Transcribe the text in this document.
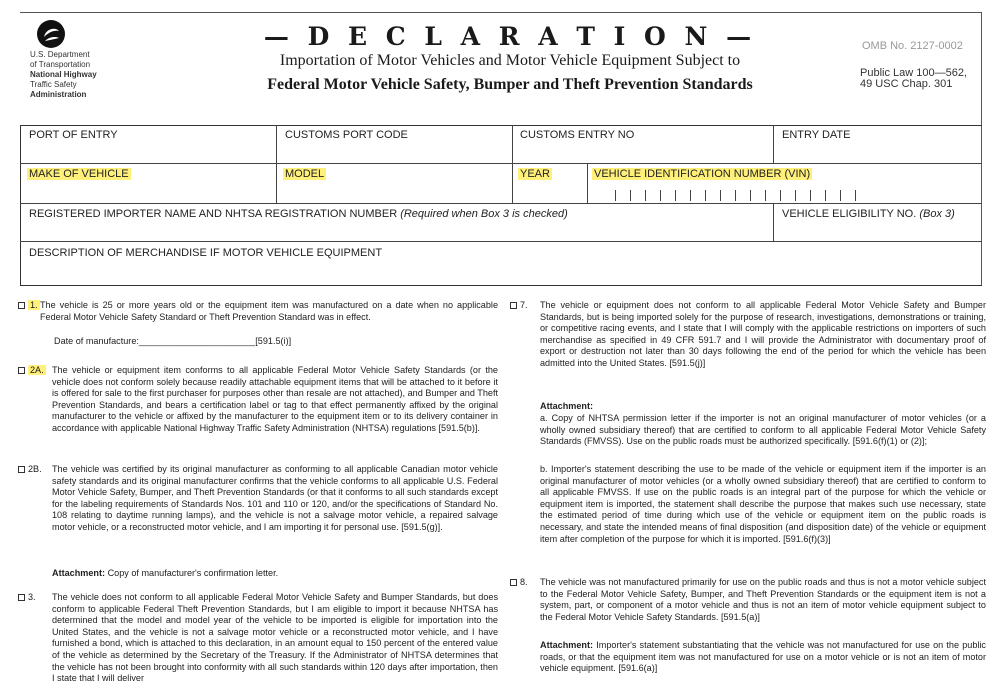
U.S. Department
of Transportation
National Highway
Traffic Safety
Administration
— D E C L A R A T I O N —
Importation of Motor Vehicles and Motor Vehicle Equipment Subject to
Federal Motor Vehicle Safety, Bumper and Theft Prevention Standards
OMB No. 2127-0002
Public Law 100—562,
49 USC Chap. 301
PORT OF ENTRY	CUSTOMS PORT CODE	CUSTOMS ENTRY NO	ENTRY DATE
MAKE OF VEHICLE	MODEL	YEAR	VEHICLE IDENTIFICATION NUMBER (VIN)
REGISTERED IMPORTER NAME AND NHTSA REGISTRATION NUMBER (Required when Box 3 is checked)	VEHICLE ELIGIBILITY NO. (Box 3)
DESCRIPTION OF MERCHANDISE IF MOTOR VEHICLE EQUIPMENT
1. The vehicle is 25 or more years old or the equipment item was manufactured on a date when no applicable Federal Motor Vehicle Safety Standard or Theft Prevention Standard was in effect.
Date of manufacture:_______________________[591.5(i)]
2A. The vehicle or equipment item conforms to all applicable Federal Motor Vehicle Safety Standards (or the vehicle does not conform solely because readily attachable equipment items that will be attached to it before it is offered for sale to the first purchaser for purposes other than resale are not attached), and Bumper and Theft Prevention Standards, and bears a certification label or tag to that effect permanently affixed by the original manufacturer to the vehicle or affixed by the manufacturer to the equipment item or to its delivery container in accordance with applicable National Highway Traffic Safety Administration (NHTSA) regulations [591.5(b)].
2B. The vehicle was certified by its original manufacturer as conforming to all applicable Canadian motor vehicle safety standards and its original manufacturer confirms that the vehicle conforms to all applicable U.S. Federal Motor Vehicle Safety, Bumper, and Theft Prevention Standards (or that it conforms to all such standards except for the labeling requirements of Standards Nos. 101 and 110 or 120, and/or the specifications of Standard No. 108 relating to daytime running lamps), and the vehicle is not a salvage motor vehicle, a repaired salvage motor vehicle, or a reconstructed motor vehicle, and I am importing it for personal use. [591.5(g)].
Attachment: Copy of manufacturer's confirmation letter.
3. The vehicle does not conform to all applicable Federal Motor Vehicle Safety and Bumper Standards, but does conform to applicable Federal Theft Prevention Standards, but I am eligible to import it because NHTSA has determined that the model and model year of the vehicle to be imported is eligible for importation into the United States, and the vehicle is not a salvage motor vehicle or a reconstructed motor vehicle, and I have furnished a bond, which is attached to this declaration, in an amount equal to 150 percent of the entered value of the vehicle as determined by the Secretary of the Treasury. If the Administrator of NHTSA determines that the vehicle has not been brought into conformity with all such standards within 120 days after importation, then I state that I will deliver
7. The vehicle or equipment does not conform to all applicable Federal Motor Vehicle Safety and Bumper Standards, but is being imported solely for the purpose of research, investigations, demonstrations or training, or competitive racing events, and I state that I will comply with the applicable restrictions on importers of such merchandise as specified in 49 CFR 591.7 and I will provide the Administrator with documentary proof of export or destruction not later than 30 days following the end of the period for which the vehicle has been admitted into the United States. [591.5(j)]
Attachment:
a. Copy of NHTSA permission letter if the importer is not an original manufacturer of motor vehicles (or a wholly owned subsidiary thereof) that are certified to conform to all applicable Federal Motor Vehicle Safety Standards (FMVSS). Use on the public roads must be authorized specifically. [591.6(f)(1) or (2)];
b. Importer's statement describing the use to be made of the vehicle or equipment item if the importer is an original manufacturer of motor vehicles (or a wholly owned subsidiary thereof) that are certified to conform to all applicable FMVSS. If use on the public roads is an integral part of the purpose for which the vehicle or equipment item is imported, the statement shall describe the purpose that makes such use necessary, state the estimated period of time during which use of the vehicle or equipment item on the public roads is necessary, and state the intended means of final disposition (and disposition date) of the vehicle or equipment item after completion of the purpose for which it is imported. [591.6(f)(3)]
8. The vehicle was not manufactured primarily for use on the public roads and thus is not a motor vehicle subject to the Federal Motor Vehicle Safety, Bumper, and Theft Prevention Standards or the equipment item is not a system, part, or component of a motor vehicle and thus is not an item of motor vehicle equipment subject to the Federal Motor Vehicle Safety Standards. [591.5(a)]
Attachment: Importer's statement substantiating that the vehicle was not manufactured for use on the public roads, or that the equipment item was not manufactured for use on a motor vehicle or is not an item of motor vehicle equipment. [591.6(a)]
